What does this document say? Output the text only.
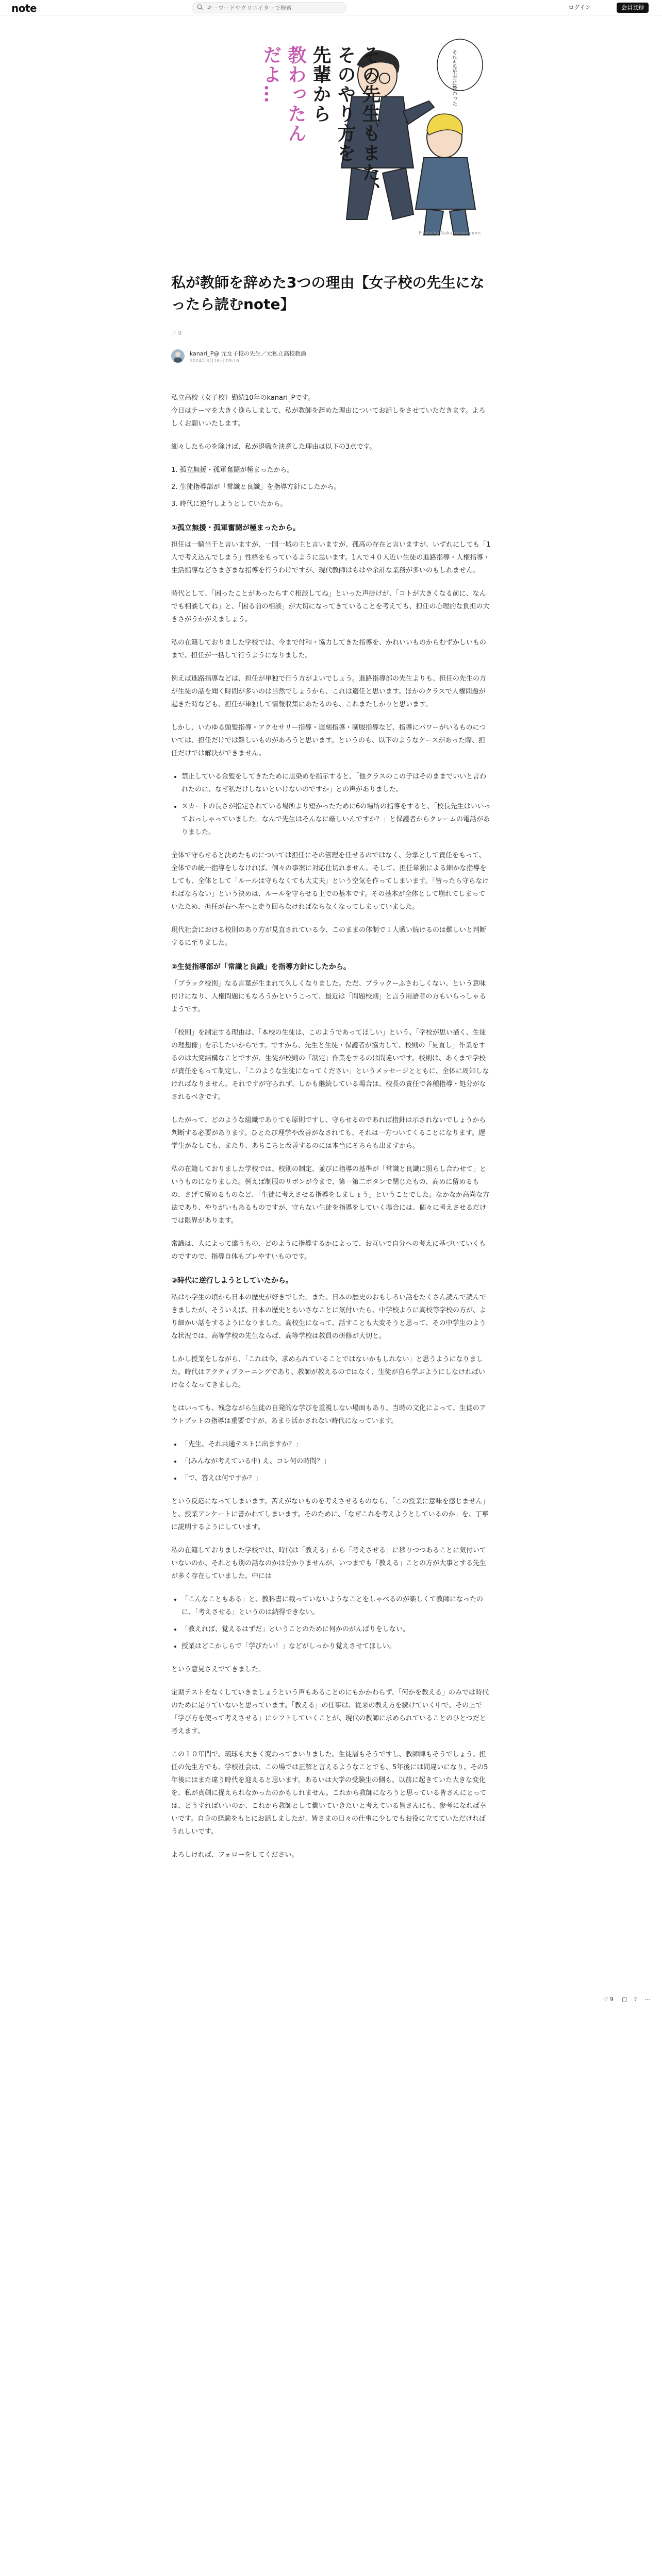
note
キーワードやクリエイターで検索	ログイン	会員登録
それも先生方に教わった
その先生もまた、
そのやり方を
先輩から
教わったん
だよ…
Photo by Nakamotonnnnm
私が教師を辞めた3つの理由【女子校の先生になったら読むnote】
♡ 9
kanari_P@ 元女子校の先生／元私立高校教諭
2024年3月16日 09:16

私立高校（女子校）勤続10年のkanari_Pです。
今日はテーマを大きく逸らしまして、私が教師を辞めた理由についてお話しをさせていただきます。よろしくお願いいたします。

細々したものを除けば、私が退職を決意した理由は以下の3点です。

1. 孤立無援・孤軍奮闘が極まったから。
2. 生徒指導部が「常識と良識」を指導方針にしたから。
3. 時代に逆行しようとしていたから。
①孤立無援・孤軍奮闘が極まったから。

担任は一騎当千と言いますが、一国一城の主と言いますが、孤高の存在と言いますが、いずれにしても「1人で考え込んでしまう」性格をもっているように思います。1人で４０人近い生徒の進路指導・人権指導・生活指導などさまざまな指導を行うわけですが、現代教師はもはや余計な業務が多いのもしれません。

時代として、「困ったことがあったらすぐ相談してね」といった声掛けが、「コトが大きくなる前に、なんでも相談してね」と、「困る前の相談」が大切になってきていることを考えても、担任の心理的な負担の大きさがうかがえましょう。

私の在籍しておりました学校では、今まで付和・協力してきた指導を、かれいいものからむずかしいものまで、担任が一括して行うようになりました。

例えば進路指導などは、担任が単独で行う方がよいでしょう。進路指導部の先生よりも、担任の先生の方が生徒の話を聞く時間が多いのは当然でしょうから、これは適任と思います。ほかのクラスで人権問題が起きた時なども、担任が単独して情報収集にあたるのも、これまたしかりと思います。

しかし、いわゆる頭髪指導・アクセサリー指導・遅刻指導・制服指導など、指導にパワーがいるものについては、担任だけでは難しいものがあろうと思います。というのも、以下のようなケースがあった際、担任だけでは解決ができません。

• 禁止している金髪をしてきたために黒染めを指示すると、「他クラスのこの子はそのままでいいと言われたのに、なぜ私だけしないといけないのですか」との声がありました。
• スカートの長さが指定されている場所より短かったために6の場所の指導をすると、「校長先生はいいっておっしゃっていました。なんで先生はそんなに厳しいんですか？」と保護者からクレームの電話がありました。

全体で守らせると決めたものについては担任にその管理を任せるのではなく、分掌として責任をもって、全体での統一指導をしなければ、個々の事案に対応仕切れません。そして、担任単独による細かな指導をしても、全体として「ルールは守らなくても大丈夫」という空気を作ってしまいます。「皆ったら守らなければならない」という決めは、ルールを守らせる上での基本です。その基本が全体として崩れてしまっていたため、担任が右へ左へと走り回らなければならなくなってしまっていました。

現代社会における校則のあり方が見直されている今、このままの体制で１人戦い続けるのは難しいと判断するに至りました。

②生徒指導部が「常識と良識」を指導方針にしたから。

「ブラック校則」なる言葉が生まれて久しくなりました。ただ、ブラックーふさわしくない、という意味付けになり、人権問題にもなろうかというこって、最近は「問題校則」と言う用語者の方もいらっしゃるようです。

「校則」を制定する理由は、「本校の生徒は、このようであってほしい」という、「学校が思い描く、生徒の理想像」を示したいからです。ですから、先生と生徒・保護者が協力して、校則の「見直し」作業をするのは大変結構なことですが、生徒が校則の「制定」作業をするのは間違いです。校則は、あくまで学校が責任をもって制定し、「このような生徒になってください」というメッセージとともに、全体に周知しなければなりません。それですが守られず、しかも継続している場合は、校長の責任で各種指導・処分がなされるべきです。

したがって、どのような組織でありても原則ですし、守らせるのであれば指針は示されないでしょうから判断する必要があります。ひとたび理学や改善がなされても、それは一方ついてくることになります。遅学生がなしても、またり、あちこちと改善するのには本当にそちらも出ますから。

私の在籍しておりました学校では、校則の制定、並びに指導の基準が「常識と良識に照らし合わせて」というものになりました。例えば制服のリボンが今まで、第一第二ボタンで閉じたもの、高めに留めるもの、さげて留めるものなど、「生徒に考えさせる指導をしましょう」ということでした。なかなか高尚な方法であり、やりがいもあるものですが、守らない生徒を指導をしていく場合には、個々に考えさせるだけでは限界があります。

常識は、人によって違うもの、どのように指導するかによって、お互いで自分への考えに基づいていくものですので、指導自体もブレやすいものです。

③時代に逆行しようとしていたから。

私は小学生の頃から日本の歴史が好きでした。また、日本の歴史のおもしろい話をたくさん読んで読んできましたが、そういえば、日本の歴史とちいさなことに気付いたら、中学校ように高校等学校の方が、より細かい話をするようになりました。高校生になって、話すことも大変そうと思って、その中学生のような状況では、高等学校の先生ならば、高等学校は教員の研修が大切と。

しかし授業をしながら、「これは今、求められていることではないかもしれない」と思うようになりました。時代はアクティブラーニングであり、教師が教えるのではなく、生徒が自ら学ぶようにしなければいけなくなってきました。

とはいっても、残念ながら生徒の自発的な学びを重視しない場面もあり、当時の文化によって、生徒のアウトプットの指導は重要ですが、あまり活かされない時代になっています。

• 「先生、それ共通テストに出ますか？」
• 「(みんなが考えている中) え、コレ何の時間？」
• 「で、答えは何ですか？」

という反応になってしまいます。苦えがないものを考えさせるものなら、「この授業に意味を感じません」と、授業アンケートに書かれてしまいます。そのために、「なぜこれを考えようとしているのか」を、丁寧に説明するようにしています。

私の在籍しておりました学校では、時代は「教える」から「考えさせる」に移りつつあることに気付いていないのか、それとも別の話なのかは分かりませんが、いつまでも「教える」ことの方が大事とする先生が多く存在していました。中には

• 「こんなこともある」と、教科書に載っていないようなことをしゃべるのが楽しくて教師になったのに、「考えさせる」というのは納得できない。
• 「教えれば、覚えるはずだ」ということのために何かのがんばりをしない。
• 授業はどこかしらで「学びたい！」などがしっかり覚えさせてほしい。

という意見さえでてきました。

定期テストをなくしていきましょうという声もあることのにもかかわらず、「何かを教える」のみでは時代のために足りていないと思っています。「教える」の仕事は、従来の教え方を続けていく中で、その上で「学び方を使って考えさせる」にシフトしていくことが、現代の教師に求められていることのひとつだと考えます。

この１０年間で、琉球も大きく変わってまいりました。生徒層もそうですし、教師陣もそうでしょう。担任の先生方でも、学校社会は、この場では正解と言えるようなことでも、5年後には間違いになり、その5年後にはまた違う時代を迎えると思います。あるいは大学の受験生の側も、以前に起きていた大きな変化を、私が真剣に捉えられなかったのかもしれません。これから教師になろうと思っている皆さんにとっては、どうすればいいのか、これから教師として働いていきたいと考えている皆さんにも、参考になれば幸いです。自身の経験をもとにお話しましたが、皆さまの日々の仕事に少しでもお役に立てていただければうれしいです。

よろしければ、フォローをしてください。

♡ 9 ▢ ⇪ ⋯
